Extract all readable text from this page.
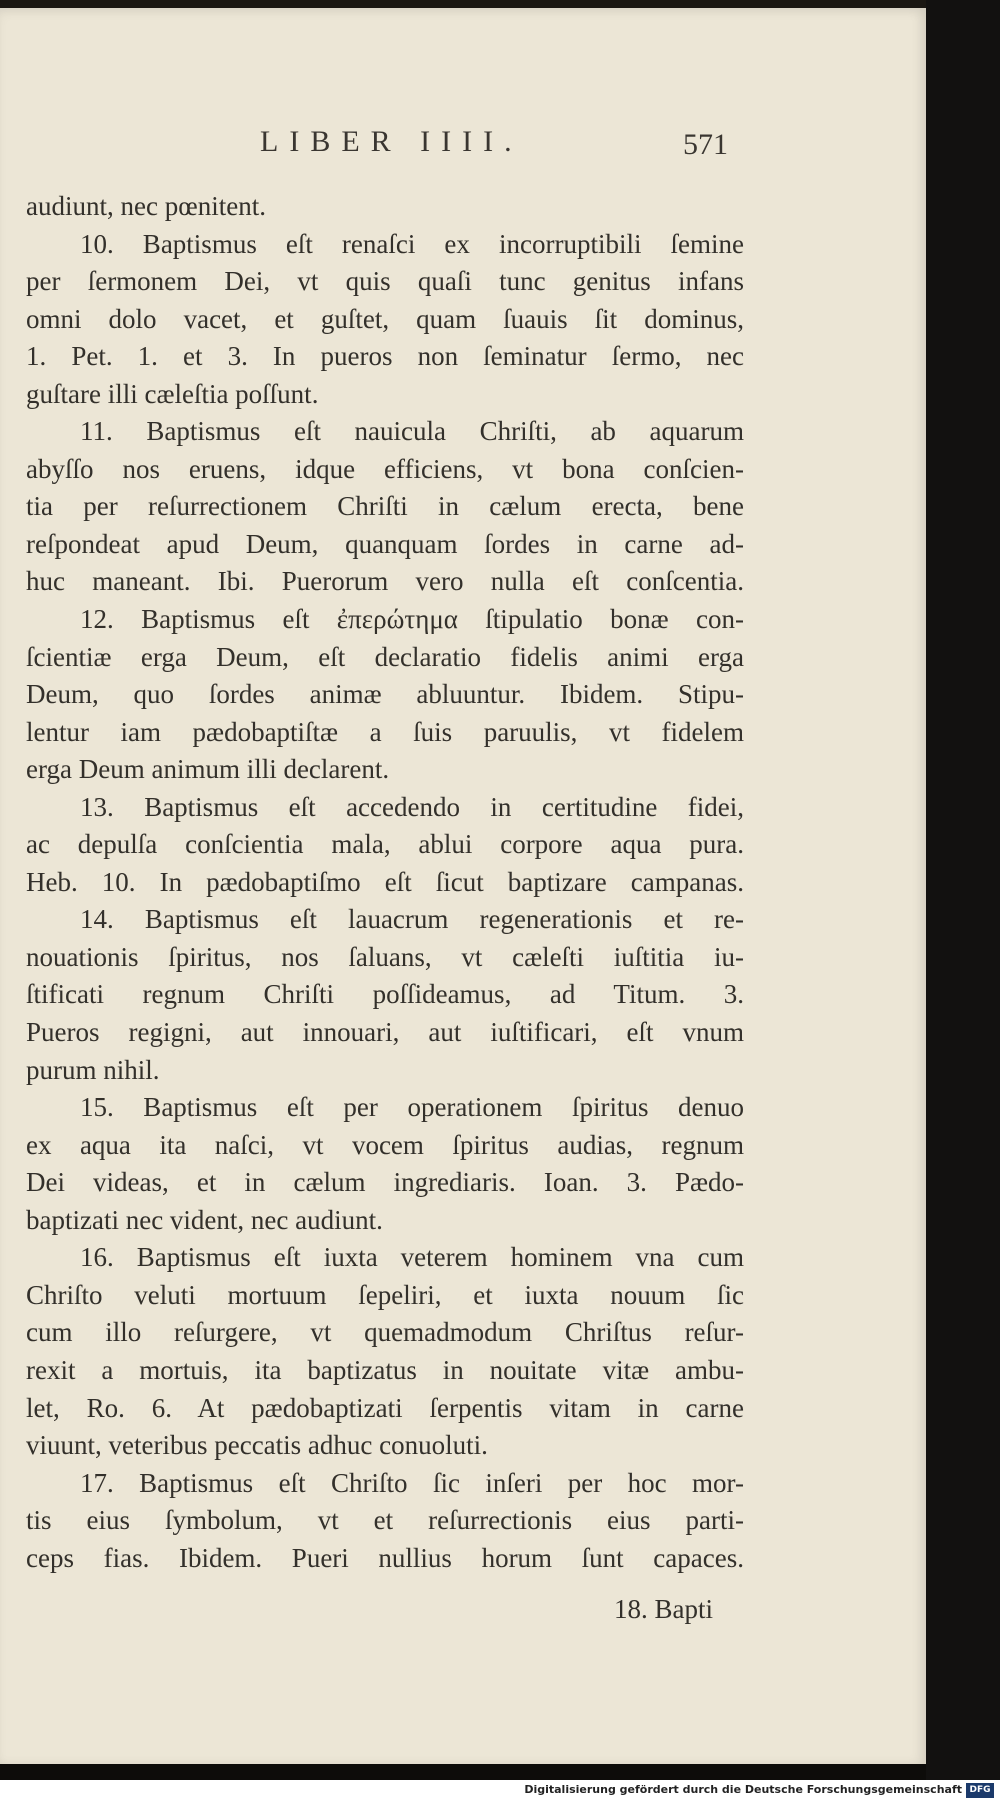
LIBER IIII.	571
audiunt, nec pœnitent.
10. Baptismus eſt renaſci ex incorruptibili ſemine
per ſermonem Dei, vt quis quaſi tunc genitus infans
omni dolo vacet, et guſtet, quam ſuauis ſit dominus,
1. Pet. 1. et 3. In pueros non ſeminatur ſermo, nec
guſtare illi cæleſtia poſſunt.
11. Baptismus eſt nauicula Chriſti, ab aquarum
abyſſo nos eruens, idque efficiens, vt bona conſcien-
tia per reſurrectionem Chriſti in cælum erecta, bene
reſpondeat apud Deum, quanquam ſordes in carne ad-
huc maneant. Ibi. Puerorum vero nulla eſt conſcentia.
12. Baptismus eſt ἐπερώτημα ſtipulatio bonæ con-
ſcientiæ erga Deum, eſt declaratio fidelis animi erga
Deum, quo ſordes animæ abluuntur. Ibidem. Stipu-
lentur iam pædobaptiſtæ a ſuis paruulis, vt fidelem
erga Deum animum illi declarent.
13. Baptismus eſt accedendo in certitudine fidei,
ac depulſa conſcientia mala, ablui corpore aqua pura.
Heb. 10. In pædobaptiſmo eſt ſicut baptizare campanas.
14. Baptismus eſt lauacrum regenerationis et re-
nouationis ſpiritus, nos ſaluans, vt cæleſti iuſtitia iu-
ſtificati regnum Chriſti poſſideamus, ad Titum. 3.
Pueros regigni, aut innouari, aut iuſtificari, eſt vnum
purum nihil.
15. Baptismus eſt per operationem ſpiritus denuo
ex aqua ita naſci, vt vocem ſpiritus audias, regnum
Dei videas, et in cælum ingrediaris. Ioan. 3. Pædo-
baptizati nec vident, nec audiunt.
16. Baptismus eſt iuxta veterem hominem vna cum
Chriſto veluti mortuum ſepeliri, et iuxta nouum ſic
cum illo reſurgere, vt quemadmodum Chriſtus reſur-
rexit a mortuis, ita baptizatus in nouitate vitæ ambu-
let, Ro. 6. At pædobaptizati ſerpentis vitam in carne
viuunt, veteribus peccatis adhuc conuoluti.
17. Baptismus eſt Chriſto ſic inſeri per hoc mor-
tis eius ſymbolum, vt et reſurrectionis eius parti-
ceps fias. Ibidem. Pueri nullius horum ſunt capaces.
18. Bapti
Digitalisierung gefördert durch die Deutsche Forschungsgemeinschaft DFG
